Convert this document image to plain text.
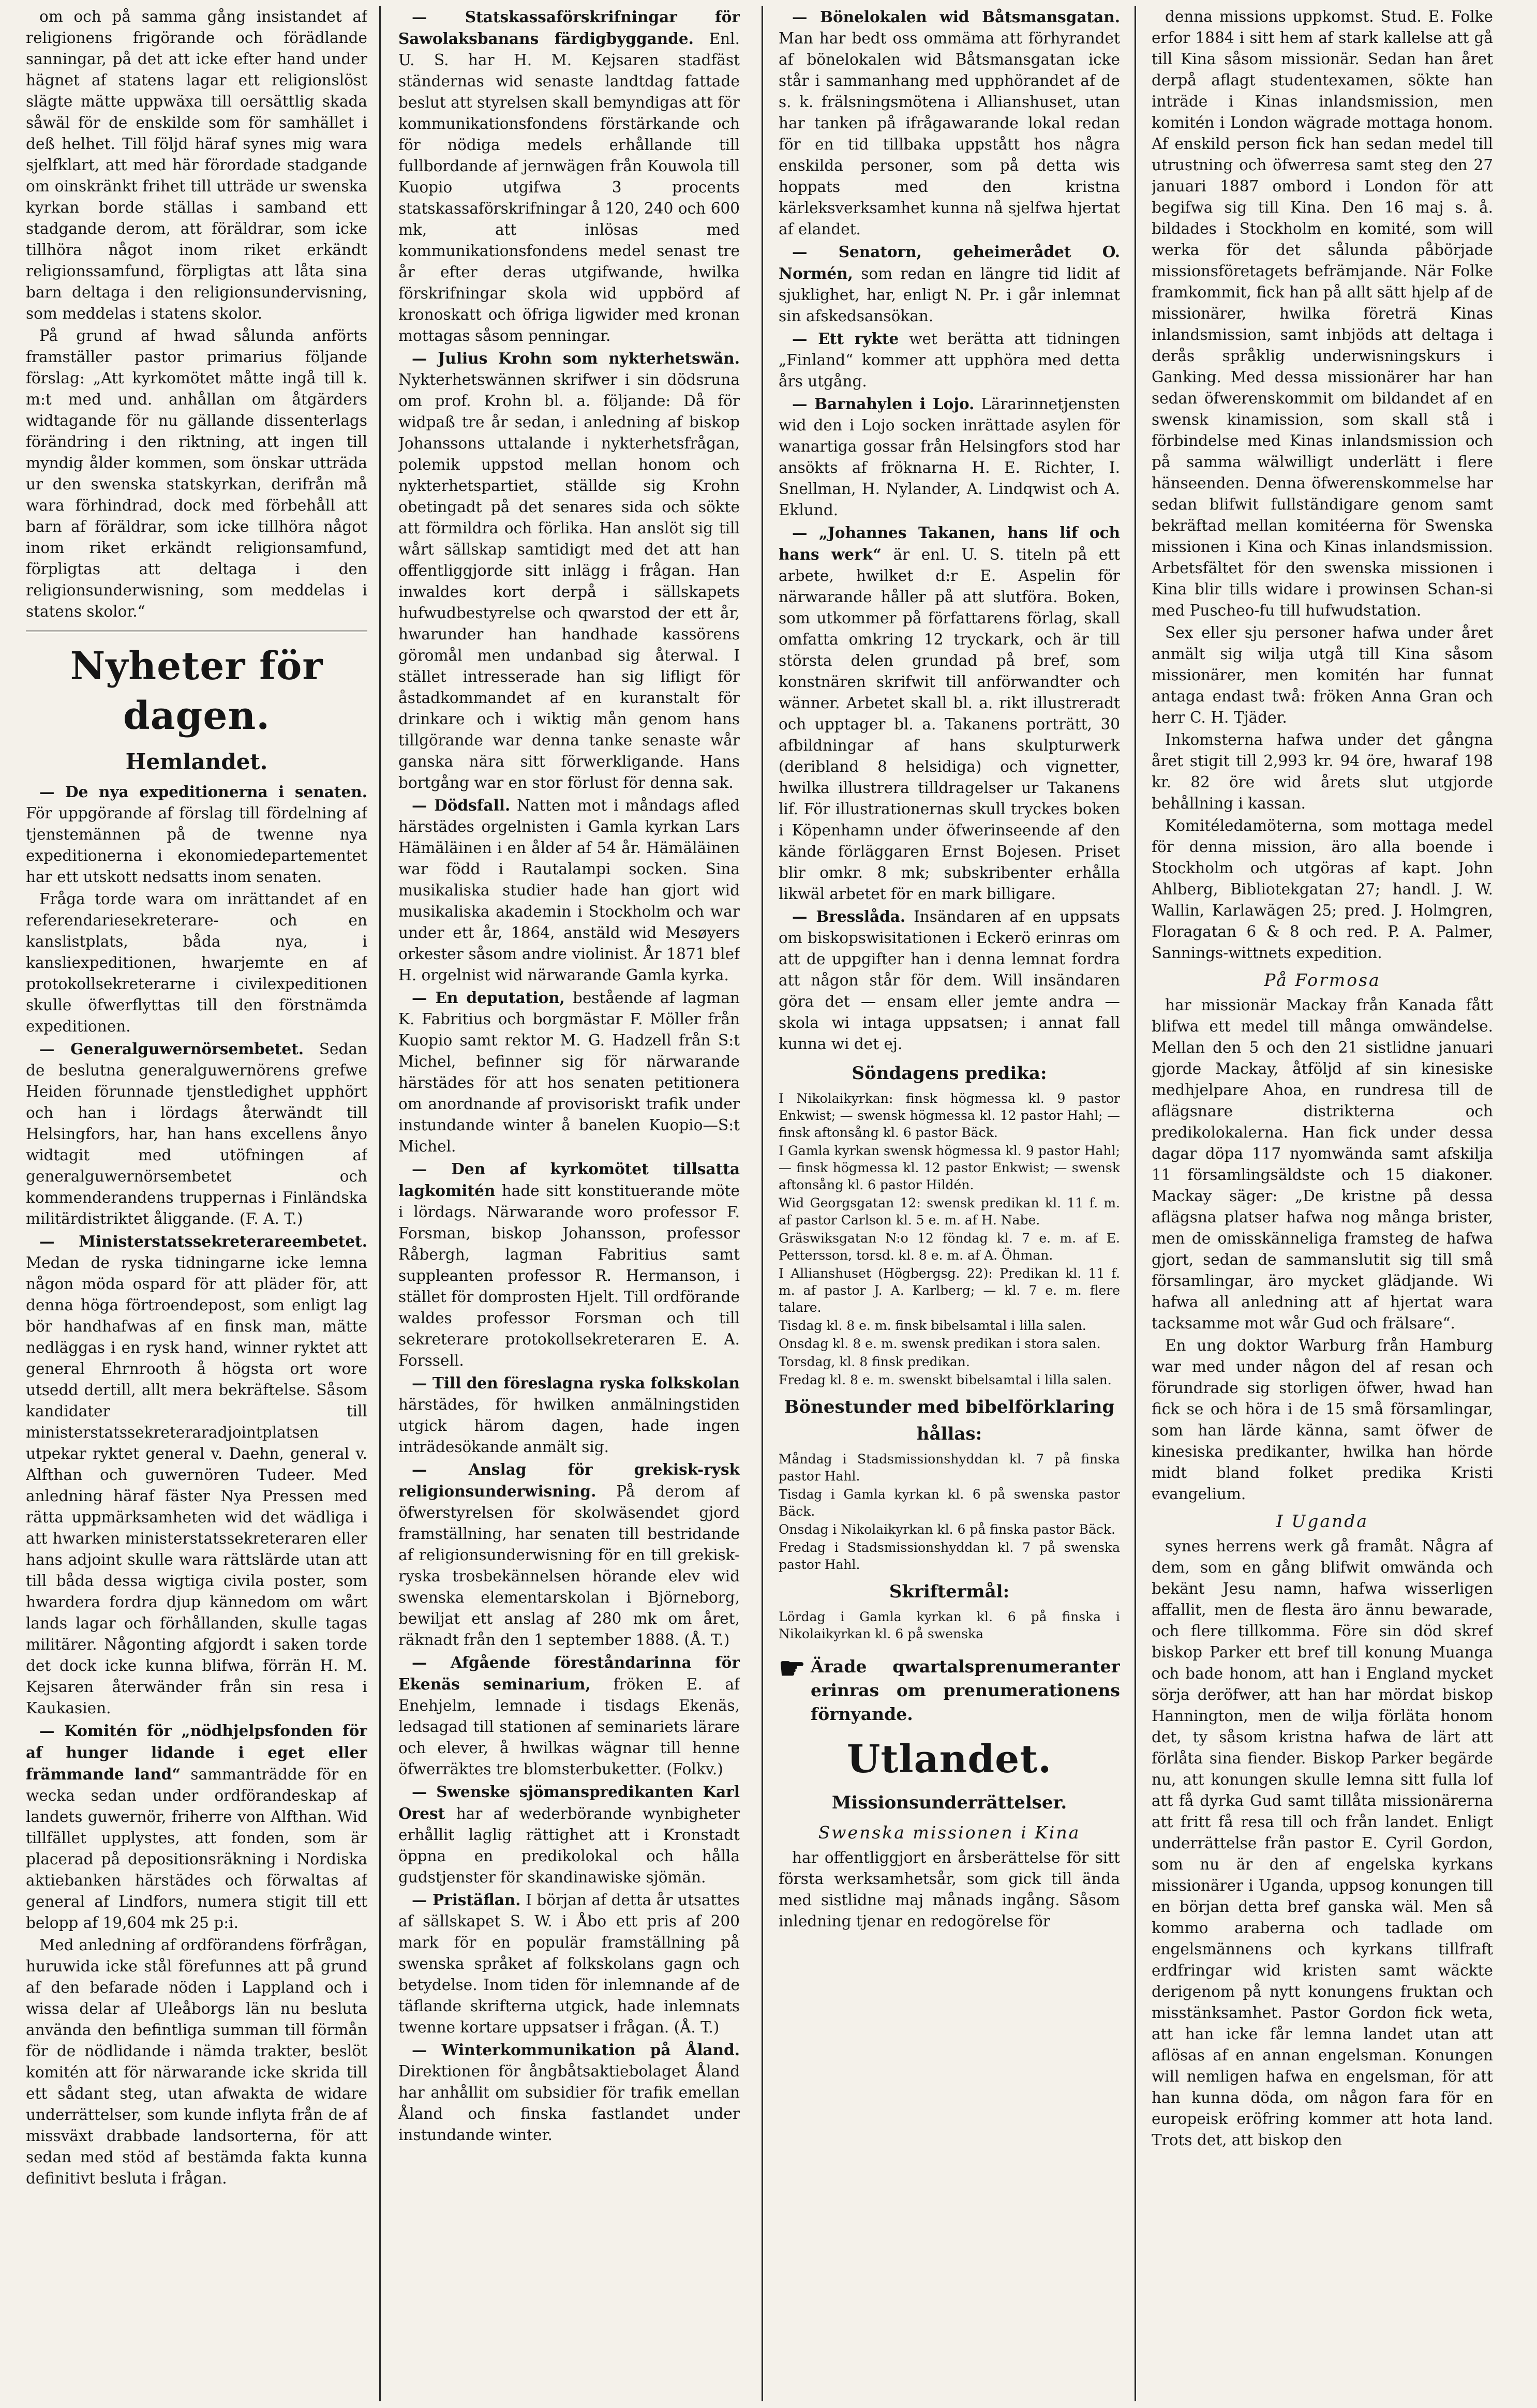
om och på samma gång insistandet af religionens frigörande och förädlande sanningar, på det att icke efter hand under hägnet af statens lagar ett religionslöst slägte mätte uppwäxa till oersättlig skada såwäl för de enskilde som för samhället i deß helhet. Till följd häraf synes mig wara sjelfklart, att med här förordade stadgande om oinskränkt frihet till utträde ur swenska kyrkan borde ställas i samband ett stadgande derom, att föräldrar, som icke tillhöra något inom riket erkändt religionssamfund, förpligtas att låta sina barn deltaga i den religionsundervisning, som meddelas i statens skolor.

På grund af hwad sålunda anförts framställer pastor primarius följande förslag: „Att kyrkomötet måtte ingå till k. m:t med und. anhållan om åtgärders widtagande för nu gällande dissenterlags förändring i den riktning, att ingen till myndig ålder kommen, som önskar utträda ur den swenska statskyrkan, derifrån må wara förhindrad, dock med förbehåll att barn af föräldrar, som icke tillhöra något inom riket erkändt religionsamfund, förpligtas att deltaga i den religionsunderwisning, som meddelas i statens skolor.“

Nyheter för dagen.
Hemlandet.

— De nya expeditionerna i senaten. För uppgörande af förslag till fördelning af tjenstemännen på de twenne nya expeditionerna i ekonomiedepartementet har ett utskott nedsatts inom senaten.

Fråga torde wara om inrättandet af en referendariesekreterare- och en kanslistplats, båda nya, i kansliexpeditionen, hwarjemte en af protokollsekreterarne i civilexpeditionen skulle öfwerflyttas till den förstnämda expeditionen.

— Generalguwernörsembetet. Sedan de beslutna generalguwernörens grefwe Heiden förunnade tjenstledighet upphört och han i lördags återwändt till Helsingfors, har, han hans excellens ånyo widtagit med utöfningen af generalguwernörsembetet och kommenderandens truppernas i Finländska militärdistriktet åliggande. (F. A. T.)

— Ministerstatssekreterareembetet. Medan de ryska tidningarne icke lemna någon möda ospard för att pläder för, att denna höga förtroendepost, som enligt lag bör handhafwas af en finsk man, mätte nedläggas i en rysk hand, winner ryktet att general Ehrnrooth å högsta ort wore utsedd dertill, allt mera bekräftelse. Såsom kandidater till ministerstatssekreteraradjointplatsen utpekar ryktet general v. Daehn, general v. Alfthan och guwernören Tudeer. Med anledning häraf fäster Nya Pressen med rätta uppmärksamheten wid det wädliga i att hwarken ministerstatssekreteraren eller hans adjoint skulle wara rättslärde utan att till båda dessa wigtiga civila poster, som hwardera fordra djup kännedom om wårt lands lagar och förhållanden, skulle tagas militärer. Någonting afgjordt i saken torde det dock icke kunna blifwa, förrän H. M. Kejsaren återwänder från sin resa i Kaukasien.

— Komitén för „nödhjelpsfonden för af hunger lidande i eget eller främmande land“ sammanträdde för en wecka sedan under ordförandeskap af landets guwernör, friherre von Alfthan. Wid tillfället upplystes, att fonden, som är placerad på depositionsräkning i Nordiska aktiebanken härstädes och förwaltas af general af Lindfors, numera stigit till ett belopp af 19,604 mk 25 p:i.

Med anledning af ordförandens förfrågan, huruwida icke stål förefunnes att på grund af den befarade nöden i Lappland och i wissa delar af Uleåborgs län nu besluta använda den befintliga summan till förmån för de nödlidande i nämda trakter, beslöt komitén att för närwarande icke skrida till ett sådant steg, utan afwakta de widare underrättelser, som kunde inflyta från de af missväxt drabbade landsorterna, för att sedan med stöd af bestämda fakta kunna definitivt besluta i frågan.

— Statskassaförskrifningar för Sawolaksbanans färdigbyggande. Enl. U. S. har H. M. Kejsaren stadfäst ständernas wid senaste landtdag fattade beslut att styrelsen skall bemyndigas att för kommunikationsfondens förstärkande och för nödiga medels erhållande till fullbordande af jernwägen från Kouwola till Kuopio utgifwa 3 procents statskassaförskrifningar å 120, 240 och 600 mk, att inlösas med kommunikationsfondens medel senast tre år efter deras utgifwande, hwilka förskrifningar skola wid uppbörd af kronoskatt och öfriga ligwider med kronan mottagas såsom penningar.

— Julius Krohn som nykterhetswän. Nykterhetswännen skrifwer i sin dödsruna om prof. Krohn bl. a. följande: Då för widpaß tre år sedan, i anledning af biskop Johanssons uttalande i nykterhetsfrågan, polemik uppstod mellan honom och nykterhetspartiet, ställde sig Krohn obetingadt på det senares sida och sökte att förmildra och förlika. Han anslöt sig till wårt sällskap samtidigt med det att han offentliggjorde sitt inlägg i frågan. Han inwaldes kort derpå i sällskapets hufwudbestyrelse och qwarstod der ett år, hwarunder han handhade kassörens göromål men undanbad sig återwal. I stället intresserade han sig lifligt för åstadkommandet af en kuranstalt för drinkare och i wiktig mån genom hans tillgörande war denna tanke senaste wår ganska nära sitt förwerkligande. Hans bortgång war en stor förlust för denna sak.

— Dödsfall. Natten mot i måndags afled härstädes orgelnisten i Gamla kyrkan Lars Hämäläinen i en ålder af 54 år. Hämäläinen war född i Rautalampi socken. Sina musikaliska studier hade han gjort wid musikaliska akademin i Stockholm och war under ett år, 1864, anstäld wid Mesøyers orkester såsom andre violinist. År 1871 blef H. orgelnist wid närwarande Gamla kyrka.

— En deputation, bestående af lagman K. Fabritius och borgmästar F. Möller från Kuopio samt rektor M. G. Hadzell från S:t Michel, befinner sig för närwarande härstädes för att hos senaten petitionera om anordnande af provisoriskt trafik under instundande winter å banelen Kuopio—S:t Michel.

— Den af kyrkomötet tillsatta lagkomitén hade sitt konstituerande möte i lördags. Närwarande woro professor F. Forsman, biskop Johansson, professor Råbergh, lagman Fabritius samt suppleanten professor R. Hermanson, i stället för domprosten Hjelt. Till ordförande waldes professor Forsman och till sekreterare protokollsekreteraren E. A. Forssell.

— Till den föreslagna ryska folkskolan härstädes, för hwilken anmälningstiden utgick härom dagen, hade ingen inträdesökande anmält sig.

— Anslag för grekisk-rysk religionsunderwisning. På derom af öfwerstyrelsen för skolwäsendet gjord framställning, har senaten till bestridande af religionsunderwisning för en till grekisk-ryska trosbekännelsen hörande elev wid swenska elementarskolan i Björneborg, bewiljat ett anslag af 280 mk om året, räknadt från den 1 september 1888. (Å. T.)

— Afgående föreståndarinna för Ekenäs seminarium, fröken E. af Enehjelm, lemnade i tisdags Ekenäs, ledsagad till stationen af seminariets lärare och elever, å hwilkas wägnar till henne öfwerräktes tre blomsterbuketter. (Folkv.)

— Swenske sjömanspredikanten Karl Orest har af wederbörande wynbigheter erhållit laglig rättighet att i Kronstadt öppna en predikolokal och hålla gudstjenster för skandinawiske sjömän.

— Pristäflan. I början af detta år utsattes af sällskapet S. W. i Åbo ett pris af 200 mark för en populär framställning på swenska språket af folkskolans gagn och betydelse. Inom tiden för inlemnande af de täflande skrifterna utgick, hade inlemnats twenne kortare uppsatser i frågan. (Å. T.)

— Winterkommunikation på Åland. Direktionen för ångbåtsaktiebolaget Åland har anhållit om subsidier för trafik emellan Åland och finska fastlandet under instundande winter.

— Bönelokalen wid Båtsmansgatan. Man har bedt oss ommäma att förhyrandet af bönelokalen wid Båtsmansgatan icke står i sammanhang med upphörandet af de s. k. frälsningsmötena i Allianshuset, utan har tanken på ifrågawarande lokal redan för en tid tillbaka uppstått hos några enskilda personer, som på detta wis hoppats med den kristna kärleksverksamhet kunna nå sjelfwa hjertat af elandet.

— Senatorn, geheimerådet O. Normén, som redan en längre tid lidit af sjuklighet, har, enligt N. Pr. i går inlemnat sin afskedsansökan.

— Ett rykte wet berätta att tidningen „Finland“ kommer att upphöra med detta års utgång.

— Barnahylen i Lojo. Lärarinnetjensten wid den i Lojo socken inrättade asylen för wanartiga gossar från Helsingfors stod har ansökts af fröknarna H. E. Richter, I. Snellman, H. Nylander, A. Lindqwist och A. Eklund.

— „Johannes Takanen, hans lif och hans werk“ är enl. U. S. titeln på ett arbete, hwilket d:r E. Aspelin för närwarande håller på att slutföra. Boken, som utkommer på författarens förlag, skall omfatta omkring 12 tryckark, och är till största delen grundad på bref, som konstnären skrifwit till anförwandter och wänner. Arbetet skall bl. a. rikt illustreradt och upptager bl. a. Takanens porträtt, 30 afbildningar af hans skulpturwerk (deribland 8 helsidiga) och vignetter, hwilka illustrera tilldragelser ur Takanens lif. För illustrationernas skull tryckes boken i Köpenhamn under öfwerinseende af den kände förläggaren Ernst Bojesen. Priset blir omkr. 8 mk; subskribenter erhålla likwäl arbetet för en mark billigare.

— Bresslåda. Insändaren af en uppsats om biskopswisitationen i Eckerö erinras om att de uppgifter han i denna lemnat fordra att någon står för dem. Will insändaren göra det — ensam eller jemte andra — skola wi intaga uppsatsen; i annat fall kunna wi det ej.

Söndagens predika:

I Nikolaikyrkan: finsk högmessa kl. 9 pastor Enkwist; — swensk högmessa kl. 12 pastor Hahl; — finsk aftonsång kl. 6 pastor Bäck.

I Gamla kyrkan swensk högmessa kl. 9 pastor Hahl; — finsk högmessa kl. 12 pastor Enkwist; — swensk aftonsång kl. 6 pastor Hildén.

Wid Georgsgatan 12: swensk predikan kl. 11 f. m. af pastor Carlson kl. 5 e. m. af H. Nabe.

Gräswiksgatan N:o 12 föndag kl. 7 e. m. af E. Pettersson, torsd. kl. 8 e. m. af A. Öhman.

I Allianshuset (Högbergsg. 22): Predikan kl. 11 f. m. af pastor J. A. Karlberg; — kl. 7 e. m. flere talare.

Tisdag kl. 8 e. m. finsk bibelsamtal i lilla salen.

Onsdag kl. 8 e. m. swensk predikan i stora salen.

Torsdag, kl. 8 finsk predikan.

Fredag kl. 8 e. m. swenskt bibelsamtal i lilla salen.

Bönestunder med bibelförklaring hållas:

Måndag i Stadsmissionshyddan kl. 7 på finska pastor Hahl.

Tisdag i Gamla kyrkan kl. 6 på swenska pastor Bäck.

Onsdag i Nikolaikyrkan kl. 6 på finska pastor Bäck.

Fredag i Stadsmissionshyddan kl. 7 på swenska pastor Hahl.

Skriftermål:

Lördag i Gamla kyrkan kl. 6 på finska i Nikolaikyrkan kl. 6 på swenska

☛ Ärade qwartalsprenumeranter erinras om prenumerationens förnyande.
Utlandet.
Missionsunderrättelser.
Swenska missionen i Kina

har offentliggjort en årsberättelse för sitt första werksamhetsår, som gick till ända med sistlidne maj månads ingång. Såsom inledning tjenar en redogörelse för

denna missions uppkomst. Stud. E. Folke erfor 1884 i sitt hem af stark kallelse att gå till Kina såsom missionär. Sedan han året derpå aflagt studentexamen, sökte han inträde i Kinas inlandsmission, men komitén i London wägrade mottaga honom. Af enskild person fick han sedan medel till utrustning och öfwerresa samt steg den 27 januari 1887 ombord i London för att begifwa sig till Kina. Den 16 maj s. å. bildades i Stockholm en komité, som will werka för det sålunda påbörjade missionsföretagets befrämjande. När Folke framkommit, fick han på allt sätt hjelp af de missionärer, hwilka företrä Kinas inlandsmission, samt inbjöds att deltaga i derås språklig underwisningskurs i Ganking. Med dessa missionärer har han sedan öfwerenskommit om bildandet af en swensk kinamission, som skall stå i förbindelse med Kinas inlandsmission och på samma wälwilligt underlätt i flere hänseenden. Denna öfwerenskommelse har sedan blifwit fullständigare genom samt bekräftad mellan komitéerna för Swenska missionen i Kina och Kinas inlandsmission. Arbetsfältet för den swenska missionen i Kina blir tills widare i prowinsen Schan-si med Puscheo-fu till hufwudstation.

Sex eller sju personer hafwa under året anmält sig wilja utgå till Kina såsom missionärer, men komitén har funnat antaga endast twå: fröken Anna Gran och herr C. H. Tjäder.

Inkomsterna hafwa under det gångna året stigit till 2,993 kr. 94 öre, hwaraf 198 kr. 82 öre wid årets slut utgjorde behållning i kassan.

Komitéledamöterna, som mottaga medel för denna mission, äro alla boende i Stockholm och utgöras af kapt. John Ahlberg, Bibliotekgatan 27; handl. J. W. Wallin, Karlawägen 25; pred. J. Holmgren, Floragatan 6 & 8 och red. P. A. Palmer, Sannings-wittnets expedition.

På Formosa

har missionär Mackay från Kanada fått blifwa ett medel till många omwändelse. Mellan den 5 och den 21 sistlidne januari gjorde Mackay, åtföljd af sin kinesiske medhjelpare Ahoa, en rundresa till de aflägsnare distrikterna och predikolokalerna. Han fick under dessa dagar döpa 117 nyomwända samt afskilja 11 församlingsäldste och 15 diakoner. Mackay säger: „De kristne på dessa aflägsna platser hafwa nog många brister, men de omisskänneliga framsteg de hafwa gjort, sedan de sammanslutit sig till små församlingar, äro mycket glädjande. Wi hafwa all anledning att af hjertat wara tacksamme mot wår Gud och frälsare“.

En ung doktor Warburg från Hamburg war med under någon del af resan och förundrade sig storligen öfwer, hwad han fick se och höra i de 15 små församlingar, som han lärde känna, samt öfwer de kinesiska predikanter, hwilka han hörde midt bland folket predika Kristi evangelium.

I Uganda

synes herrens werk gå framåt. Några af dem, som en gång blifwit omwända och bekänt Jesu namn, hafwa wisserligen affallit, men de flesta äro ännu bewarade, och flere tillkomma. Före sin död skref biskop Parker ett bref till konung Muanga och bade honom, att han i England mycket sörja deröfwer, att han har mördat biskop Hannington, men de wilja förläta honom det, ty såsom kristna hafwa de lärt att förlåta sina fiender. Biskop Parker begärde nu, att konungen skulle lemna sitt fulla lof att få dyrka Gud samt tillåta missionärerna att fritt få resa till och från landet. Enligt underrättelse från pastor E. Cyril Gordon, som nu är den af engelska kyrkans missionärer i Uganda, uppsog konungen till en början detta bref ganska wäl. Men så kommo araberna och tadlade om engelsmännens och kyrkans tillfraft erdfringar wid kristen samt wäckte derigenom på nytt konungens fruktan och misstänksamhet. Pastor Gordon fick weta, att han icke får lemna landet utan att aflösas af en annan engelsman. Konungen will nemligen hafwa en engelsman, för att han kunna döda, om någon fara för en europeisk eröfring kommer att hota land. Trots det, att biskop den
